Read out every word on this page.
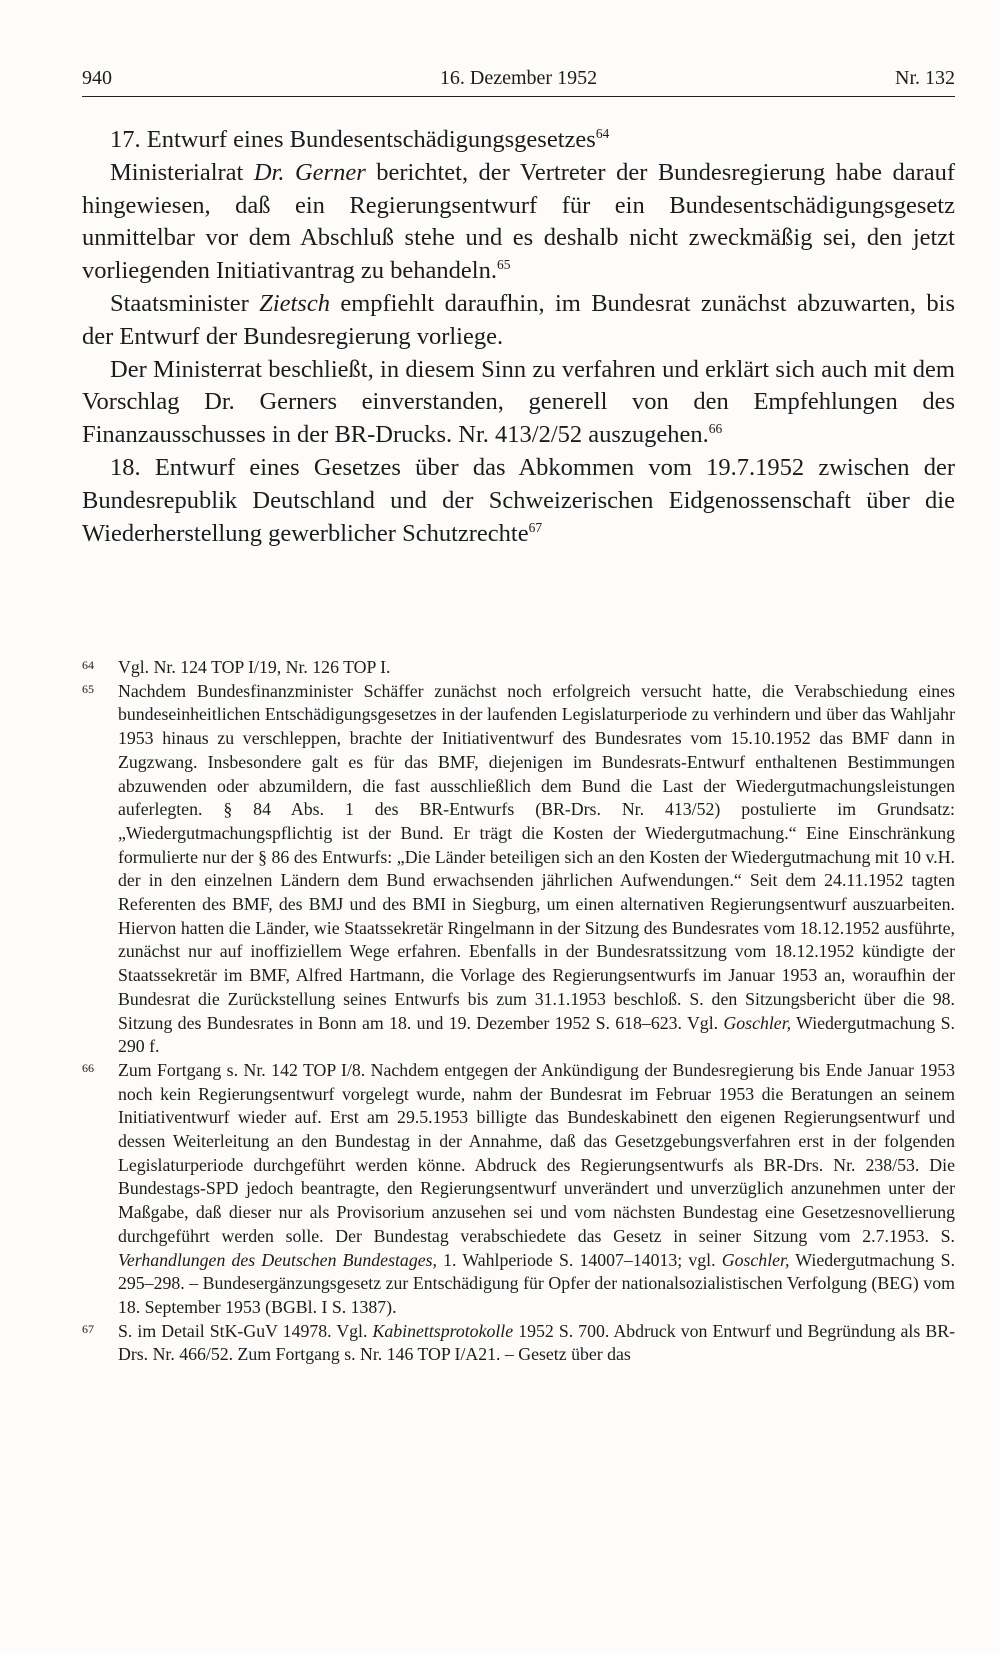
940	16. Dezember 1952	Nr. 132
17. Entwurf eines Bundesentschädigungsgesetzes$^{64}$

Ministerialrat Dr. Gerner berichtet, der Vertreter der Bundesregierung habe darauf hingewiesen, daß ein Regierungsentwurf für ein Bundesentschädigungsgesetz unmittelbar vor dem Abschluß stehe und es deshalb nicht zweckmäßig sei, den jetzt vorliegenden Initiativantrag zu behandeln.$^{65}$

Staatsminister Zietsch empfiehlt daraufhin, im Bundesrat zunächst abzuwarten, bis der Entwurf der Bundesregierung vorliege.

Der Ministerrat beschließt, in diesem Sinn zu verfahren und erklärt sich auch mit dem Vorschlag Dr. Gerners einverstanden, generell von den Empfehlungen des Finanzausschusses in der BR-Drucks. Nr. 413/2/52 auszugehen.$^{66}$

18. Entwurf eines Gesetzes über das Abkommen vom 19.7.1952 zwischen der Bundesrepublik Deutschland und der Schweizerischen Eidgenossenschaft über die Wiederherstellung gewerblicher Schutzrechte$^{67}$

64 Vgl. Nr. 124 TOP I/19, Nr. 126 TOP I.

65 Nachdem Bundesfinanzminister Schäffer zunächst noch erfolgreich versucht hatte, die Verabschiedung eines bundeseinheitlichen Entschädigungsgesetzes in der laufenden Legislaturperiode zu verhindern und über das Wahljahr 1953 hinaus zu verschleppen, brachte der Initiativentwurf des Bundesrates vom 15.10.1952 das BMF dann in Zugzwang. Insbesondere galt es für das BMF, diejenigen im Bundesrats-Entwurf enthaltenen Bestimmungen abzuwenden oder abzumildern, die fast ausschließlich dem Bund die Last der Wiedergutmachungsleistungen auferlegten. § 84 Abs. 1 des BR-Entwurfs (BR-Drs. Nr. 413/52) postulierte im Grundsatz: „Wiedergutmachungspflichtig ist der Bund. Er trägt die Kosten der Wiedergutmachung.“ Eine Einschränkung formulierte nur der § 86 des Entwurfs: „Die Länder beteiligen sich an den Kosten der Wiedergutmachung mit 10 v.H. der in den einzelnen Ländern dem Bund erwachsenden jährlichen Aufwendungen.“ Seit dem 24.11.1952 tagten Referenten des BMF, des BMJ und des BMI in Siegburg, um einen alternativen Regierungsentwurf auszuarbeiten. Hiervon hatten die Länder, wie Staatssekretär Ringelmann in der Sitzung des Bundesrates vom 18.12.1952 ausführte, zunächst nur auf inoffiziellem Wege erfahren. Ebenfalls in der Bundesratssitzung vom 18.12.1952 kündigte der Staatssekretär im BMF, Alfred Hartmann, die Vorlage des Regierungsentwurfs im Januar 1953 an, woraufhin der Bundesrat die Zurückstellung seines Entwurfs bis zum 31.1.1953 beschloß. S. den Sitzungsbericht über die 98. Sitzung des Bundesrates in Bonn am 18. und 19. Dezember 1952 S. 618–623. Vgl. Goschler, Wiedergutmachung S. 290 f.

66 Zum Fortgang s. Nr. 142 TOP I/8. Nachdem entgegen der Ankündigung der Bundesregierung bis Ende Januar 1953 noch kein Regierungsentwurf vorgelegt wurde, nahm der Bundesrat im Februar 1953 die Beratungen an seinem Initiativentwurf wieder auf. Erst am 29.5.1953 billigte das Bundeskabinett den eigenen Regierungsentwurf und dessen Weiterleitung an den Bundestag in der Annahme, daß das Gesetzgebungsverfahren erst in der folgenden Legislaturperiode durchgeführt werden könne. Abdruck des Regierungsentwurfs als BR-Drs. Nr. 238/53. Die Bundestags-SPD jedoch beantragte, den Regierungsentwurf unverändert und unverzüglich anzunehmen unter der Maßgabe, daß dieser nur als Provisorium anzusehen sei und vom nächsten Bundestag eine Gesetzesnovellierung durchgeführt werden solle. Der Bundestag verabschiedete das Gesetz in seiner Sitzung vom 2.7.1953. S. Verhandlungen des Deutschen Bundestages, 1. Wahlperiode S. 14007–14013; vgl. Goschler, Wiedergutmachung S. 295–298. – Bundesergänzungsgesetz zur Entschädigung für Opfer der nationalsozialistischen Verfolgung (BEG) vom 18. September 1953 (BGBl. I S. 1387).

67 S. im Detail StK-GuV 14978. Vgl. Kabinettsprotokolle 1952 S. 700. Abdruck von Entwurf und Begründung als BR-Drs. Nr. 466/52. Zum Fortgang s. Nr. 146 TOP I/A21. – Gesetz über das
